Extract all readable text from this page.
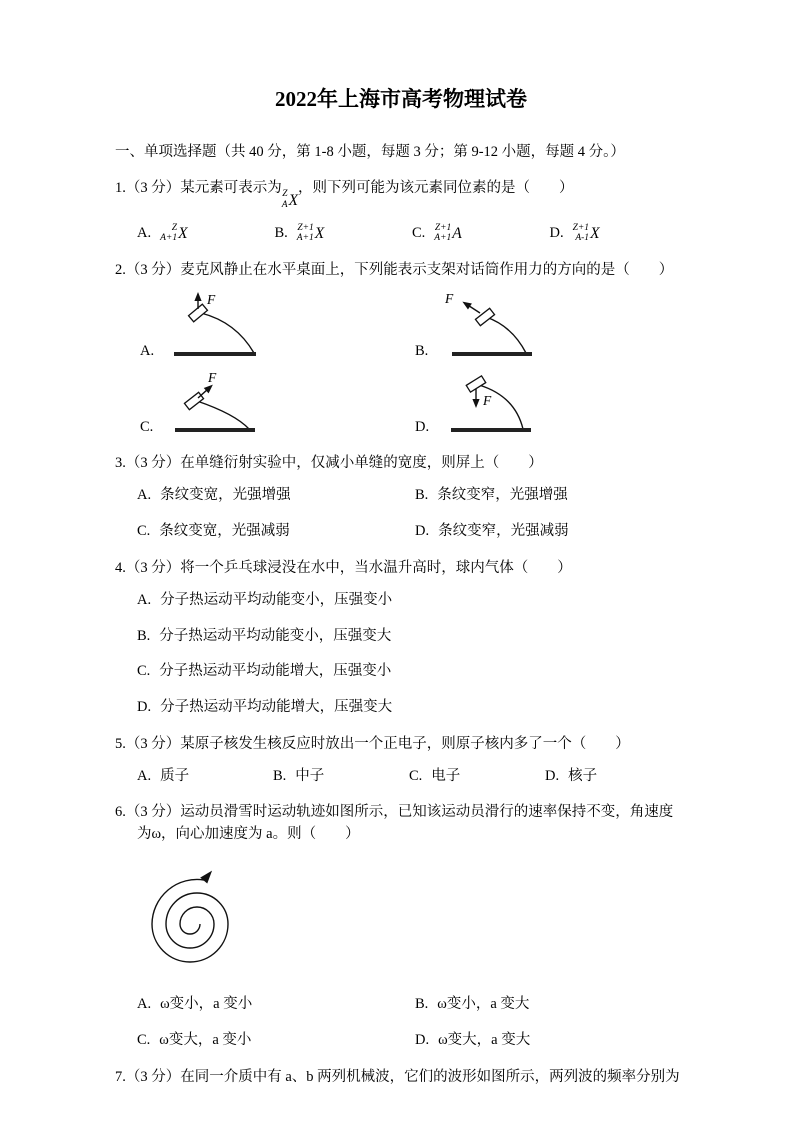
2022年上海市高考物理试卷

一、单项选择题（共 40 分，第 1-8 小题，每题 3 分；第 9-12 小题，每题 4 分。）

1.（3 分）某元素可表示为 Z
A X
，则下列可能为该元素同位素的是（　　）

A. Z
A+1 X	B. Z+1
A+1 X	C. Z+1
A+1 A	D. Z+1
A-1 X

2.（3 分）麦克风静止在水平桌面上，下列能表示支架对话筒作用力的方向的是（　　）

A.
F
B.
F
C.
F
D.
F

3.（3 分）在单缝衍射实验中，仅减小单缝的宽度，则屏上（　　）

A. 条纹变宽，光强增强	B. 条纹变窄，光强增强
C. 条纹变宽，光强减弱	D. 条纹变窄，光强减弱

4.（3 分）将一个乒乓球浸没在水中，当水温升高时，球内气体（　　）

A. 分子热运动平均动能变小，压强变小

B. 分子热运动平均动能变小，压强变大

C. 分子热运动平均动能增大，压强变小

D. 分子热运动平均动能增大，压强变大

5.（3 分）某原子核发生核反应时放出一个正电子，则原子核内多了一个（　　）

A. 质子	B. 中子	C. 电子	D. 核子

6.（3 分）运动员滑雪时运动轨迹如图所示，已知该运动员滑行的速率保持不变，角速度为ω，向心加速度为 a。则（　　）

A. ω变小，a 变小	B. ω变小，a 变大
C. ω变大，a 变小	D. ω变大，a 变大

7.（3 分）在同一介质中有 a、b 两列机械波，它们的波形如图所示，两列波的频率分别为
